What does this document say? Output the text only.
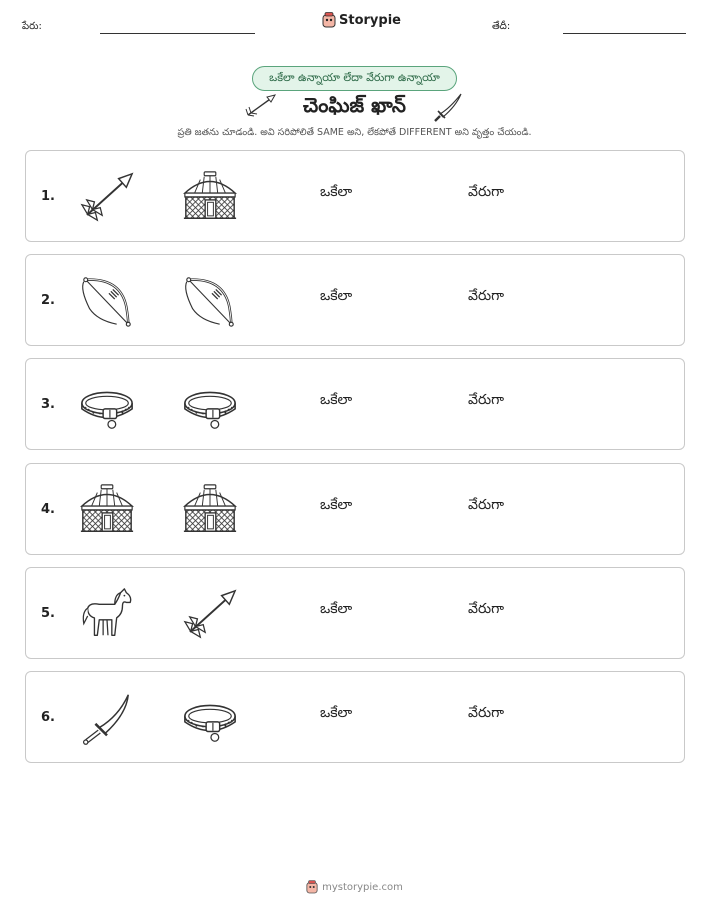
పేరు:	Storypie	తేదీ:
ఒకేలా ఉన్నాయా లేదా వేరుగా ఉన్నాయా
చెంఘిజ్ ఖాన్
ప్రతి జతను చూడండి. అవి సరిపోలితే SAME అని, లేకపోతే DIFFERENT అని వృత్తం చేయండి.
1.	ఒకేలా	వేరుగా
2.	ఒకేలా	వేరుగా
3.	ఒకేలా	వేరుగా
4.	ఒకేలా	వేరుగా
5.	ఒకేలా	వేరుగా
6.	ఒకేలా	వేరుగా
mystorypie.com
